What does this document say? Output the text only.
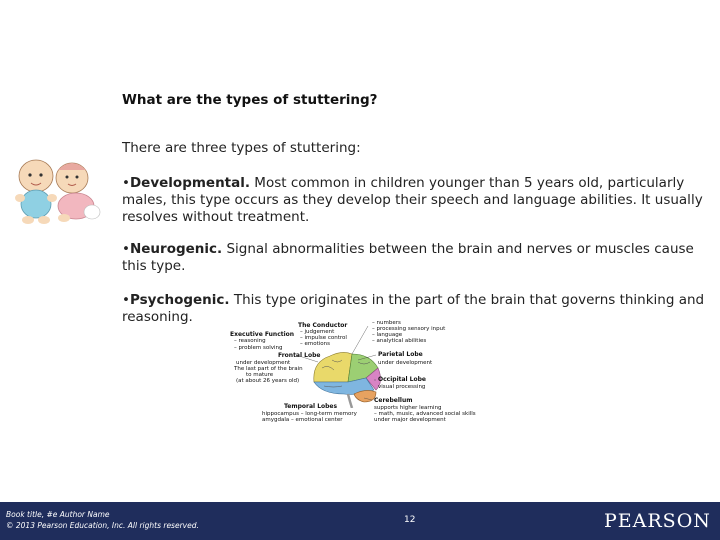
What are the types of stuttering?
There are three types of stuttering:
•Developmental. Most common in children younger than 5 years old, particularly males, this type occurs as they develop their speech and language abilities. It usually resolves without treatment.
•Neurogenic. Signal abnormalities between the brain and nerves or muscles cause this type.
•Psychogenic. This type originates in the part of the brain that governs thinking and reasoning.
The Conductor
– judgement
– impulse control
– emotions
Executive Function
– reasoning
– problem solving
– numbers
– processing sensory input
– language
– analytical abilities
Frontal Lobe
under development
The last part of the brain
to mature
(at about 26 years old)
Parietal Lobe
under development
Occipital Lobe
visual processing
Cerebellum
supports higher learning
– math, music, advanced social skills
under major development
Temporal Lobes
hippocampus – long-term memory
amygdala – emotional center
Book title, #e Author Name
© 2013 Pearson Education, Inc. All rights reserved.
12	PEARSON
